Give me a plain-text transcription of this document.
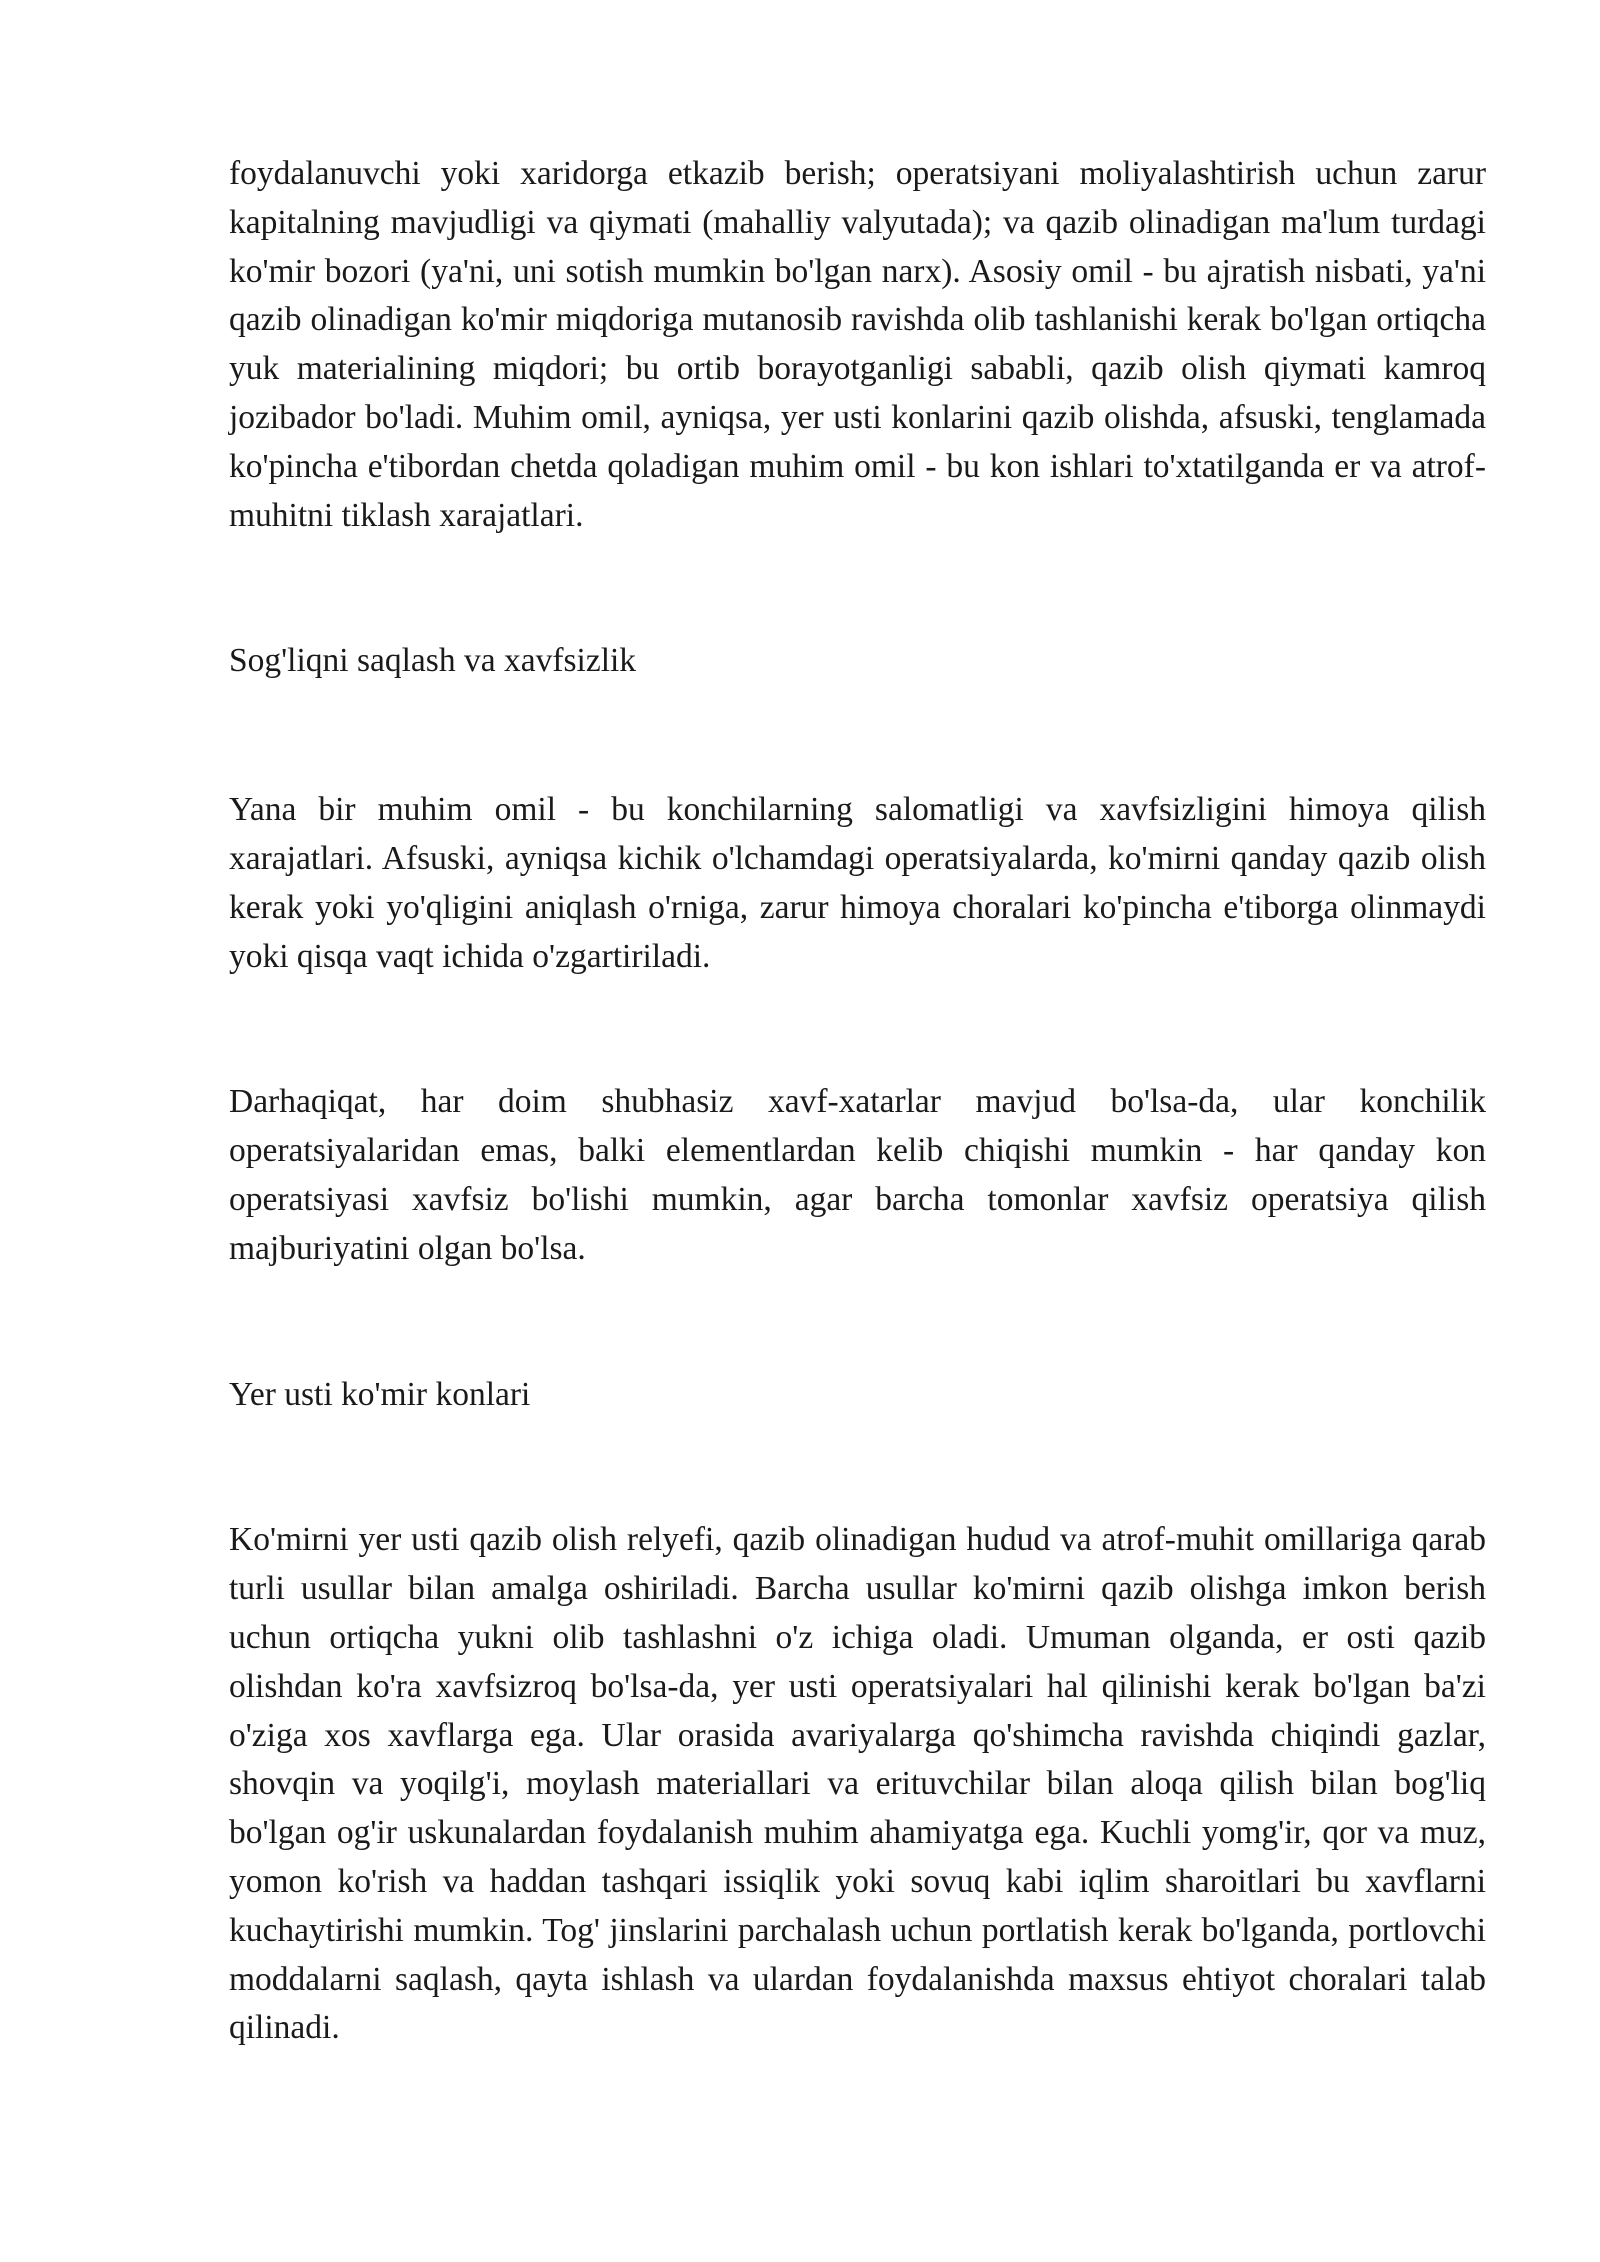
foydalanuvchi yoki xaridorga etkazib berish; operatsiyani moliyalashtirish uchun zarur kapitalning mavjudligi va qiymati (mahalliy valyutada); va qazib olinadigan ma'lum turdagi ko'mir bozori (ya'ni, uni sotish mumkin bo'lgan narx). Asosiy omil - bu ajratish nisbati, ya'ni qazib olinadigan ko'mir miqdoriga mutanosib ravishda olib tashlanishi kerak bo'lgan ortiqcha yuk materialining miqdori; bu ortib borayotganligi sababli, qazib olish qiymati kamroq jozibador bo'ladi. Muhim omil, ayniqsa, yer usti konlarini qazib olishda, afsuski, tenglamada ko'pincha e'tibordan chetda qoladigan muhim omil - bu kon ishlari to'xtatilganda er va atrof-muhitni tiklash xarajatlari.

Sog'liqni saqlash va xavfsizlik

Yana bir muhim omil - bu konchilarning salomatligi va xavfsizligini himoya qilish xarajatlari. Afsuski, ayniqsa kichik o'lchamdagi operatsiyalarda, ko'mirni qanday qazib olish kerak yoki yo'qligini aniqlash o'rniga, zarur himoya choralari ko'pincha e'tiborga olinmaydi yoki qisqa vaqt ichida o'zgartiriladi.

Darhaqiqat, har doim shubhasiz xavf-xatarlar mavjud bo'lsa-da, ular konchilik operatsiyalaridan emas, balki elementlardan kelib chiqishi mumkin - har qanday kon operatsiyasi xavfsiz bo'lishi mumkin, agar barcha tomonlar xavfsiz operatsiya qilish majburiyatini olgan bo'lsa.

Yer usti ko'mir konlari

Ko'mirni yer usti qazib olish relyefi, qazib olinadigan hudud va atrof-muhit omillariga qarab turli usullar bilan amalga oshiriladi. Barcha usullar ko'mirni qazib olishga imkon berish uchun ortiqcha yukni olib tashlashni o'z ichiga oladi. Umuman olganda, er osti qazib olishdan ko'ra xavfsizroq bo'lsa-da, yer usti operatsiyalari hal qilinishi kerak bo'lgan ba'zi o'ziga xos xavflarga ega. Ular orasida avariyalarga qo'shimcha ravishda chiqindi gazlar, shovqin va yoqilg'i, moylash materiallari va erituvchilar bilan aloqa qilish bilan bog'liq bo'lgan og'ir uskunalardan foydalanish muhim ahamiyatga ega. Kuchli yomg'ir, qor va muz, yomon ko'rish va haddan tashqari issiqlik yoki sovuq kabi iqlim sharoitlari bu xavflarni kuchaytirishi mumkin. Tog' jinslarini parchalash uchun portlatish kerak bo'lganda, portlovchi moddalarni saqlash, qayta ishlash va ulardan foydalanishda maxsus ehtiyot choralari talab qilinadi.
